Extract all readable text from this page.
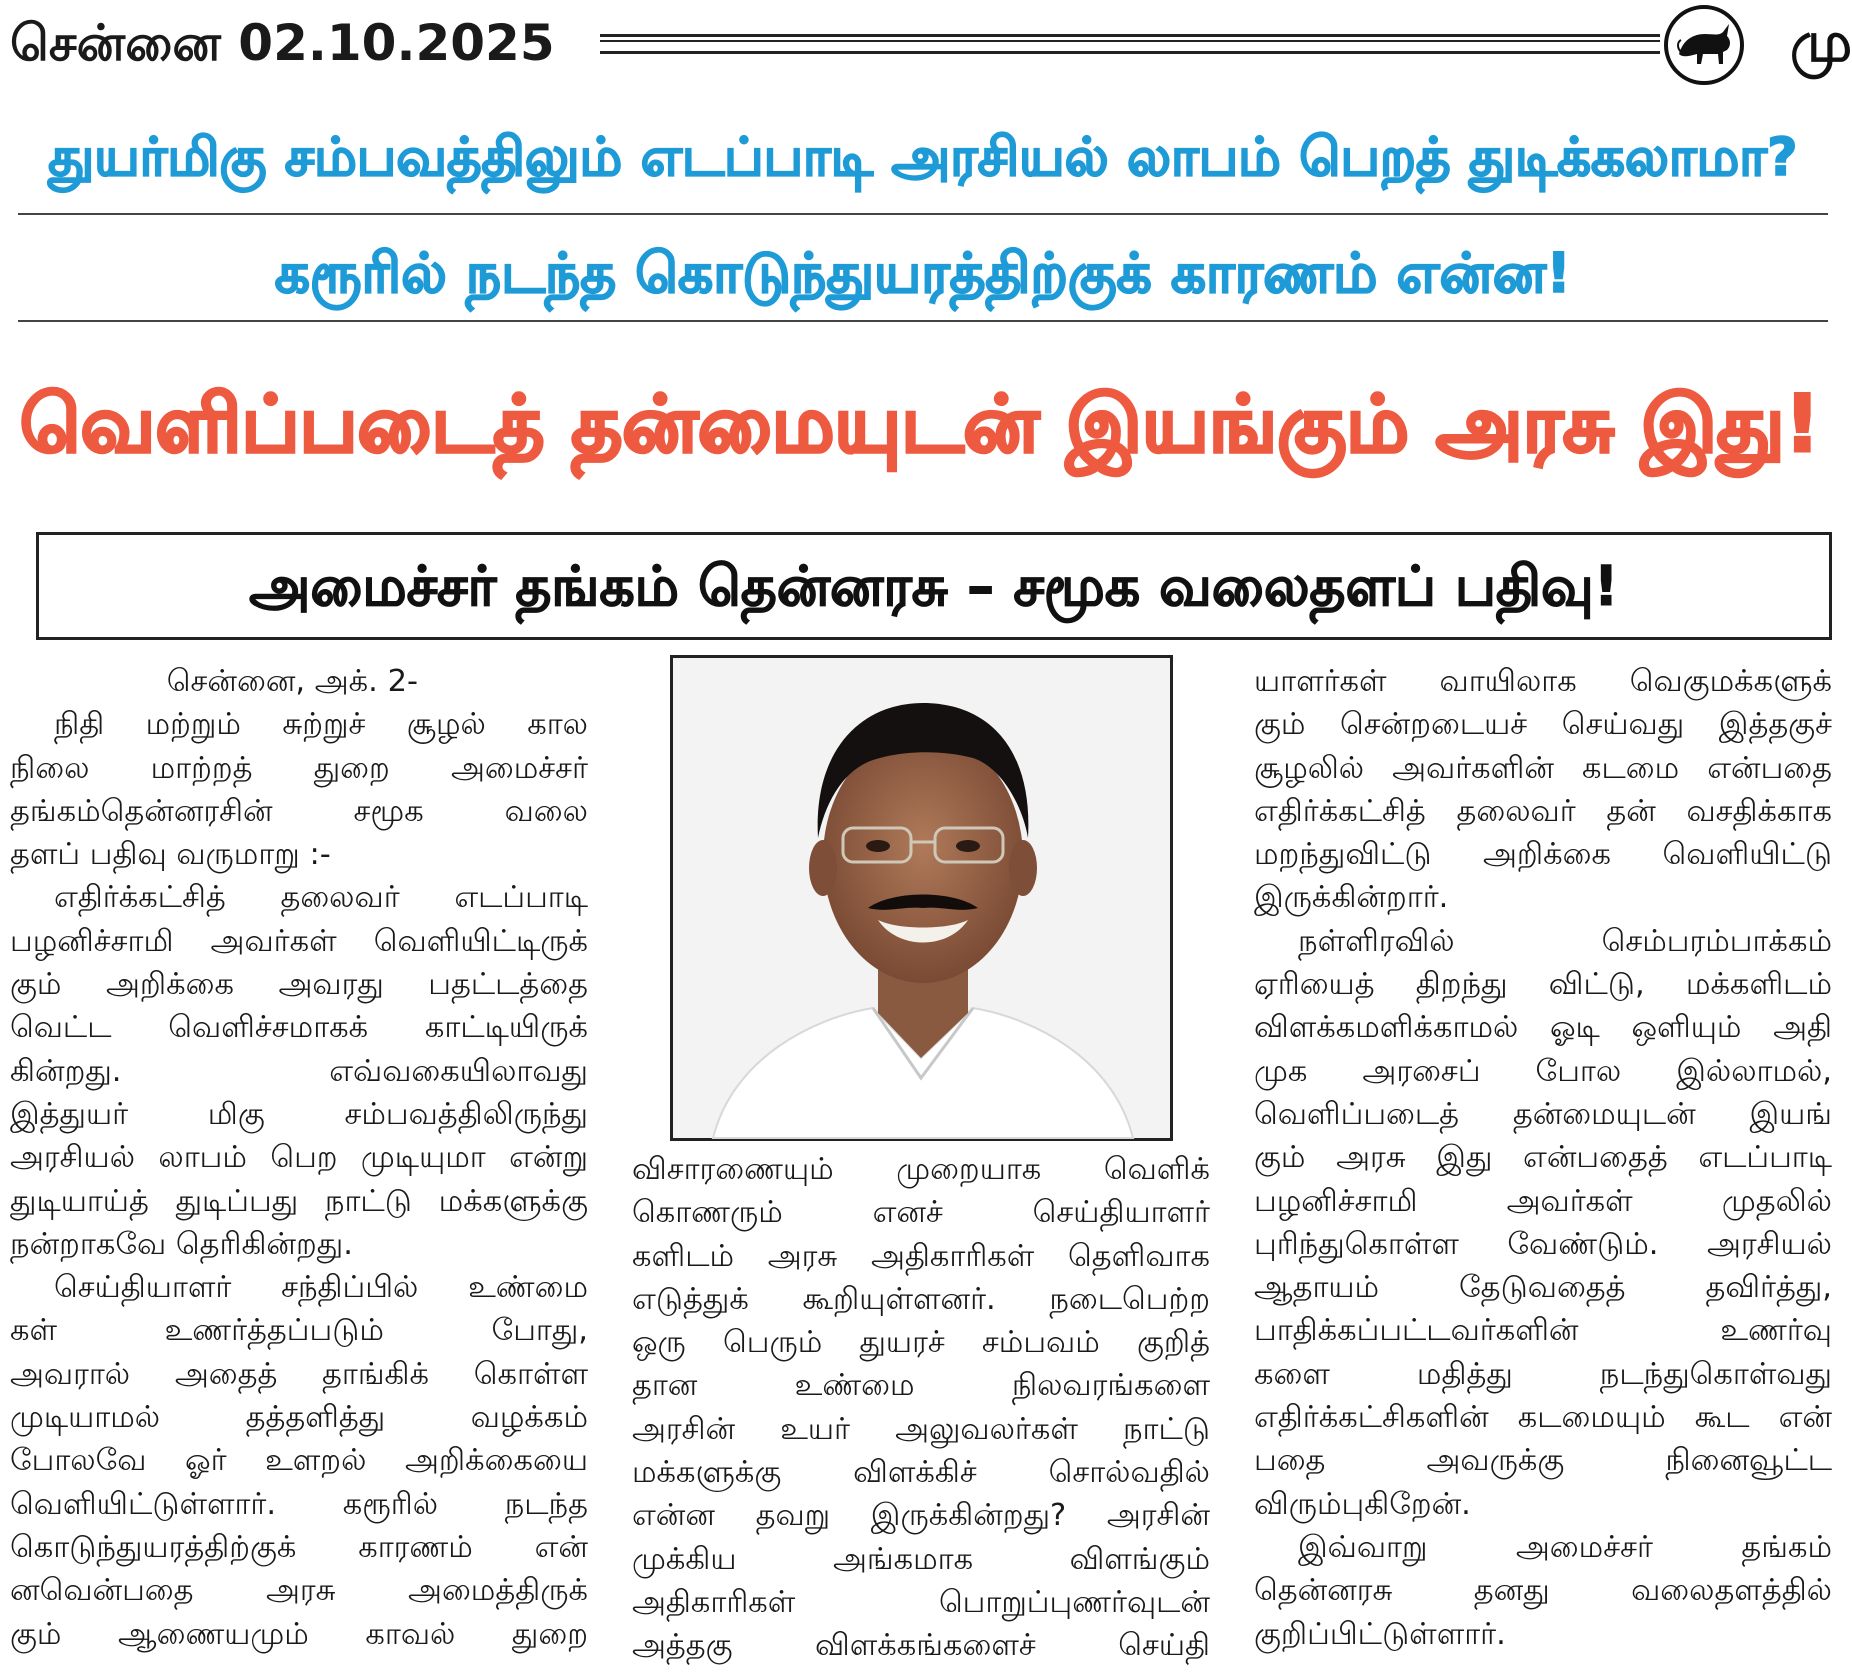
சென்னை 02.10.2025	மு
துயர்மிகு சம்பவத்திலும் எடப்பாடி அரசியல் லாபம் பெறத் துடிக்கலாமா?
கரூரில் நடந்த கொடுந்துயரத்திற்குக் காரணம் என்ன!
வெளிப்படைத் தன்மையுடன் இயங்கும் அரசு இது!
அமைச்சர் தங்கம் தென்னரசு – சமூக வலைதளப் பதிவு!
சென்னை, அக். 2-
நிதி மற்றும் சுற்றுச் சூழல் கால
நிலை மாற்றத் துறை அமைச்சர்
தங்கம்தென்னரசின் சமூக வலை
தளப் பதிவு வருமாறு :-
எதிர்க்கட்சித் தலைவர் எடப்பாடி
பழனிச்சாமி அவர்கள் வெளியிட்டிருக்
கும் அறிக்கை அவரது பதட்டத்தை
வெட்ட வெளிச்சமாகக் காட்டியிருக்
கின்றது. எவ்வகையிலாவது
இத்துயர் மிகு சம்பவத்திலிருந்து
அரசியல் லாபம் பெற முடியுமா என்று
துடியாய்த் துடிப்பது நாட்டு மக்களுக்கு
நன்றாகவே தெரிகின்றது.
செய்தியாளர் சந்திப்பில் உண்மை
கள் உணர்த்தப்படும் போது,
அவரால் அதைத் தாங்கிக் கொள்ள
முடியாமல் தத்தளித்து வழக்கம்
போலவே ஓர் உளறல் அறிக்கையை
வெளியிட்டுள்ளார். கரூரில் நடந்த
கொடுந்துயரத்திற்குக் காரணம் என்
னவென்பதை அரசு அமைத்திருக்
கும் ஆணையமும் காவல் துறை
விசாரணையும் முறையாக வெளிக்
கொணரும் எனச் செய்தியாளர்
களிடம் அரசு அதிகாரிகள் தெளிவாக
எடுத்துக் கூறியுள்ளனர். நடைபெற்ற
ஒரு பெரும் துயரச் சம்பவம் குறித்
தான உண்மை நிலவரங்களை
அரசின் உயர் அலுவலர்கள் நாட்டு
மக்களுக்கு விளக்கிச் சொல்வதில்
என்ன தவறு இருக்கின்றது? அரசின்
முக்கிய அங்கமாக விளங்கும்
அதிகாரிகள் பொறுப்புணர்வுடன்
அத்தகு விளக்கங்களைச் செய்தி
யாளர்கள் வாயிலாக வெகுமக்களுக்
கும் சென்றடையச் செய்வது இத்தகுச்
சூழலில் அவர்களின் கடமை என்பதை
எதிர்க்கட்சித் தலைவர் தன் வசதிக்காக
மறந்துவிட்டு அறிக்கை வெளியிட்டு
இருக்கின்றார்.
நள்ளிரவில் செம்பரம்பாக்கம்
ஏரியைத் திறந்து விட்டு, மக்களிடம்
விளக்கமளிக்காமல் ஓடி ஒளியும் அதி
முக அரசைப் போல இல்லாமல்,
வெளிப்படைத் தன்மையுடன் இயங்
கும் அரசு இது என்பதைத் எடப்பாடி
பழனிச்சாமி அவர்கள் முதலில்
புரிந்துகொள்ள வேண்டும். அரசியல்
ஆதாயம் தேடுவதைத் தவிர்த்து,
பாதிக்கப்பட்டவர்களின் உணர்வு
களை மதித்து நடந்துகொள்வது
எதிர்க்கட்சிகளின் கடமையும் கூட என்
பதை அவருக்கு நினைவூட்ட
விரும்புகிறேன்.
இவ்வாறு அமைச்சர் தங்கம்
தென்னரசு தனது வலைதளத்தில்
குறிப்பிட்டுள்ளார்.
